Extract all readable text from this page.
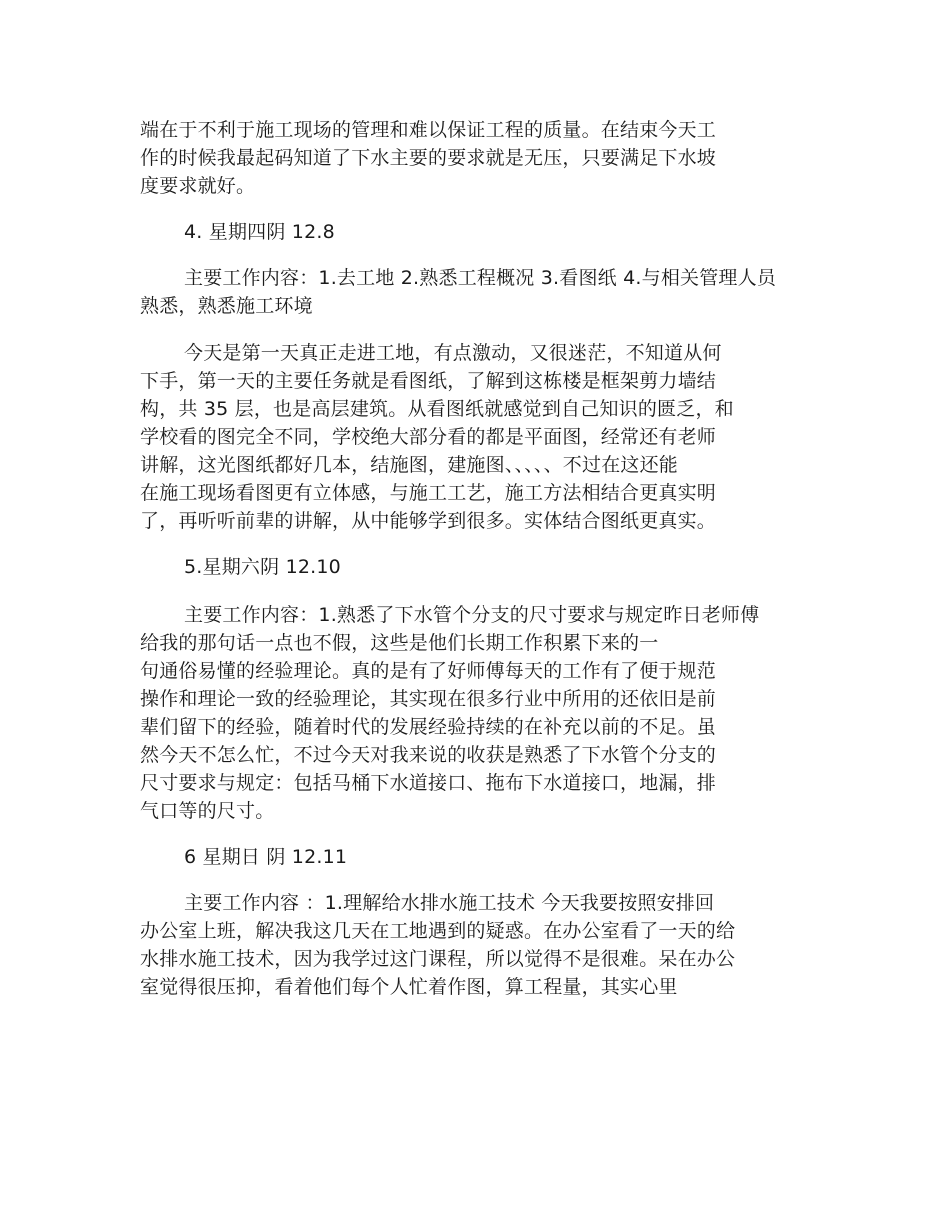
端在于不利于施工现场的管理和难以保证工程的质量。在结束今天工
作的时候我最起码知道了下水主要的要求就是无压，只要满足下水坡
度要求就好。
4. 星期四阴 12.8
主要工作内容：1.去工地 2.熟悉工程概况 3.看图纸 4.与相关管理人员
熟悉，熟悉施工环境
今天是第一天真正走进工地，有点激动，又很迷茫，不知道从何
下手，第一天的主要任务就是看图纸，了解到这栋楼是框架剪力墙结
构，共 35 层，也是高层建筑。从看图纸就感觉到自己知识的匮乏，和
学校看的图完全不同，学校绝大部分看的都是平面图，经常还有老师
讲解，这光图纸都好几本，结施图，建施图、、、、、不过在这还能
在施工现场看图更有立体感，与施工工艺，施工方法相结合更真实明
了，再听听前辈的讲解，从中能够学到很多。实体结合图纸更真实。
5.星期六阴 12.10
主要工作内容：1.熟悉了下水管个分支的尺寸要求与规定昨日老师傅
给我的那句话一点也不假，这些是他们长期工作积累下来的一
句通俗易懂的经验理论。真的是有了好师傅每天的工作有了便于规范
操作和理论一致的经验理论，其实现在很多行业中所用的还依旧是前
辈们留下的经验，随着时代的发展经验持续的在补充以前的不足。虽
然今天不怎么忙，不过今天对我来说的收获是熟悉了下水管个分支的
尺寸要求与规定：包括马桶下水道接口、拖布下水道接口，地漏，排
气口等的尺寸。
6 星期日 阴 12.11
主要工作内容 ：1.理解给水排水施工技术 今天我要按照安排回
办公室上班，解决我这几天在工地遇到的疑惑。在办公室看了一天的给
水排水施工技术，因为我学过这门课程，所以觉得不是很难。呆在办公
室觉得很压抑，看着他们每个人忙着作图，算工程量，其实心里
